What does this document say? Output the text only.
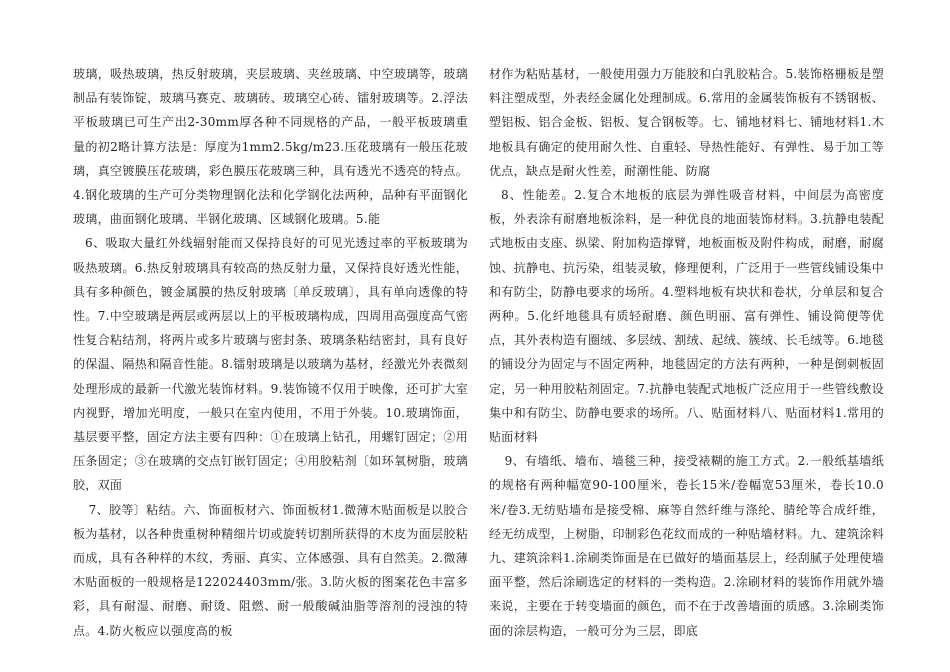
玻璃，吸热玻璃，热反射玻璃，夹层玻璃、夹丝玻璃、中空玻璃等，玻璃制品有装饰锭，玻璃马赛克、玻璃砖、玻璃空心砖、镭射玻璃等。2.浮法平板玻璃已可生产出2-30mm厚各种不同规格的产品，一般平板玻璃重量的初2略计算方法是：厚度为1mm2.5kg/m23.压花玻璃有一般压花玻璃，真空镀膜压花玻璃，彩色膜压花玻璃三种，具有透光不透亮的特点。4.钢化玻璃的生产可分类物理钢化法和化学钢化法两种，品种有平面钢化玻璃，曲面钢化玻璃、半钢化玻璃、区域钢化玻璃。5.能

6、吸取大量红外线辐射能而又保持良好的可见光透过率的平板玻璃为吸热玻璃。6.热反射玻璃具有较高的热反射力量，又保持良好透光性能，具有多种颜色，镀金属膜的热反射玻璃〔单反玻璃〕，具有单向透像的特性。7.中空玻璃是两层或两层以上的平板玻璃构成，四周用高强度高气密性复合粘结剂，将两片或多片玻璃与密封条、玻璃条粘结密封，具有良好的保温、隔热和隔音性能。8.镭射玻璃是以玻璃为基材，经激光外表微刻处理形成的最新一代激光装饰材料。9.装饰镜不仅用于映像，还可扩大室内视野，增加光明度，一般只在室内使用，不用于外装。10.玻璃饰面，基层要平整，固定方法主要有四种：①在玻璃上钻孔，用螺钉固定；②用压条固定；③在玻璃的交点钉嵌钉固定；④用胶粘剂〔如环氧树脂，玻璃胶，双面

7、胶等〕粘结。六、饰面板材六、饰面板材1.微薄木贴面板是以胶合板为基材，以各种贵重树种精细片切或旋转切割所获得的木皮为面层胶粘而成，具有各种样的木纹，秀丽、真实、立体感强、具有自然美。2.微薄木贴面板的一般规格是122024403mm/张。3.防火板的图案花色丰富多彩，具有耐湿、耐磨、耐烫、阻燃、耐一般酸碱油脂等溶剂的浸浊的特点。4.防火板应以强度高的板

材作为粘贴基材，一般使用强力万能胶和白乳胶粘合。5.装饰格栅板是塑料注塑成型，外表经金属化处理制成。6.常用的金属装饰板有不锈钢板、塑铝板、铝合金板、铝板、复合钢板等。七、铺地材料七、铺地材料1.木地板具有确定的使用耐久性、自重轻、导热性能好、有弹性、易于加工等优点，缺点是耐火性差，耐潮性能、防腐

8、性能差。2.复合木地板的底层为弹性吸音材料，中间层为高密度板，外表涂有耐磨地板涂料，是一种优良的地面装饰材料。3.抗静电装配式地板由支座、纵梁、附加构造撑臂，地板面板及附件构成，耐磨，耐腐蚀、抗静电、抗污染，组装灵敏，修理便利，广泛用于一些管线铺设集中和有防尘，防静电要求的场所。4.塑料地板有块状和卷状，分单层和复合两种。5.化纤地毯具有质轻耐磨、颜色明丽、富有弹性、铺设简便等优点，其外表构造有圈绒、多层绒、割绒、起绒、簇绒、长毛绒等。6.地毯的铺设分为固定与不固定两种，地毯固定的方法有两种，一种是倒刺板固定，另一种用胶粘剂固定。7.抗静电装配式地板广泛应用于一些管线敷设集中和有防尘、防静电要求的场所。八、贴面材料八、贴面材料1.常用的贴面材料

9、有墙纸、墙布、墙毯三种，接受裱糊的施工方式。2.一般纸基墙纸的规格有两种幅宽90-100厘米，卷长15米/卷幅宽53厘米，卷长10.0米/卷3.无纺贴墙布是接受棉、麻等自然纤维与涤纶、腈纶等合成纤维，经无纺成型，上树脂，印制彩色花纹而成的一种贴墙材料。九、建筑涂料九、建筑涂料1.涂刷类饰面是在已做好的墙面基层上，经刮腻子处理使墙面平整，然后涂刷选定的材料的一类构造。2.涂刷材料的装饰作用就外墙来说，主要在于转变墙面的颜色，而不在于改善墙面的质感。3.涂刷类饰面的涂层构造，一般可分为三层，即底
